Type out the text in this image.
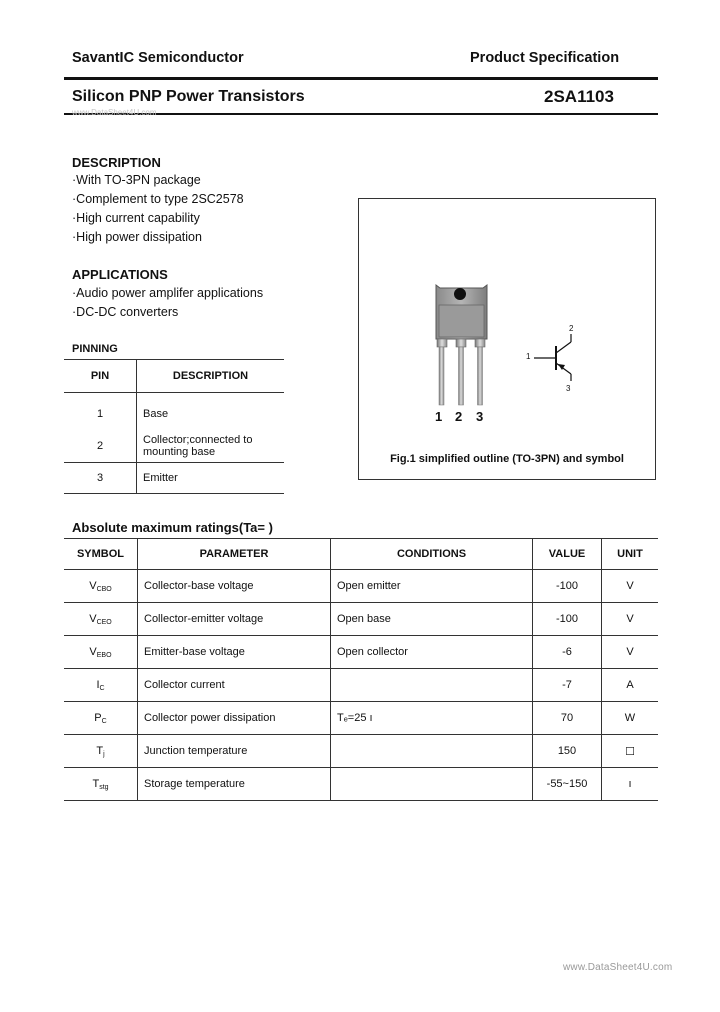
SavantIC Semiconductor	Product Specification
Silicon PNP Power Transistors	2SA1103
www.DataSheet4U.com
DESCRIPTION
·With TO-3PN package
·Complement to type 2SC2578
·High current capability
·High power dissipation
APPLICATIONS
·Audio power amplifer applications
·DC-DC converters
PINNING
PIN	DESCRIPTION
1	Base
2	Collector;connected to mounting base
3	Emitter
1 2 3
1
2
3
Fig.1 simplified outline (TO-3PN) and symbol
Absolute maximum ratings(Ta= )
SYMBOL	PARAMETER	CONDITIONS	VALUE	UNIT
$V_{CBO}$	Collector-base voltage	Open emitter	-100	V
$V_{CEO}$	Collector-emitter voltage	Open base	-100	V
$V_{EBO}$	Emitter-base voltage	Open collector	-6	V
$I_C$	Collector current		-7	A
$P_C$	Collector power dissipation	Tₑ=25 ı	70	W
$T_j$	Junction temperature		150	☐
$T_{stg}$	Storage temperature		-55~150	ı
www.DataSheet4U.com
